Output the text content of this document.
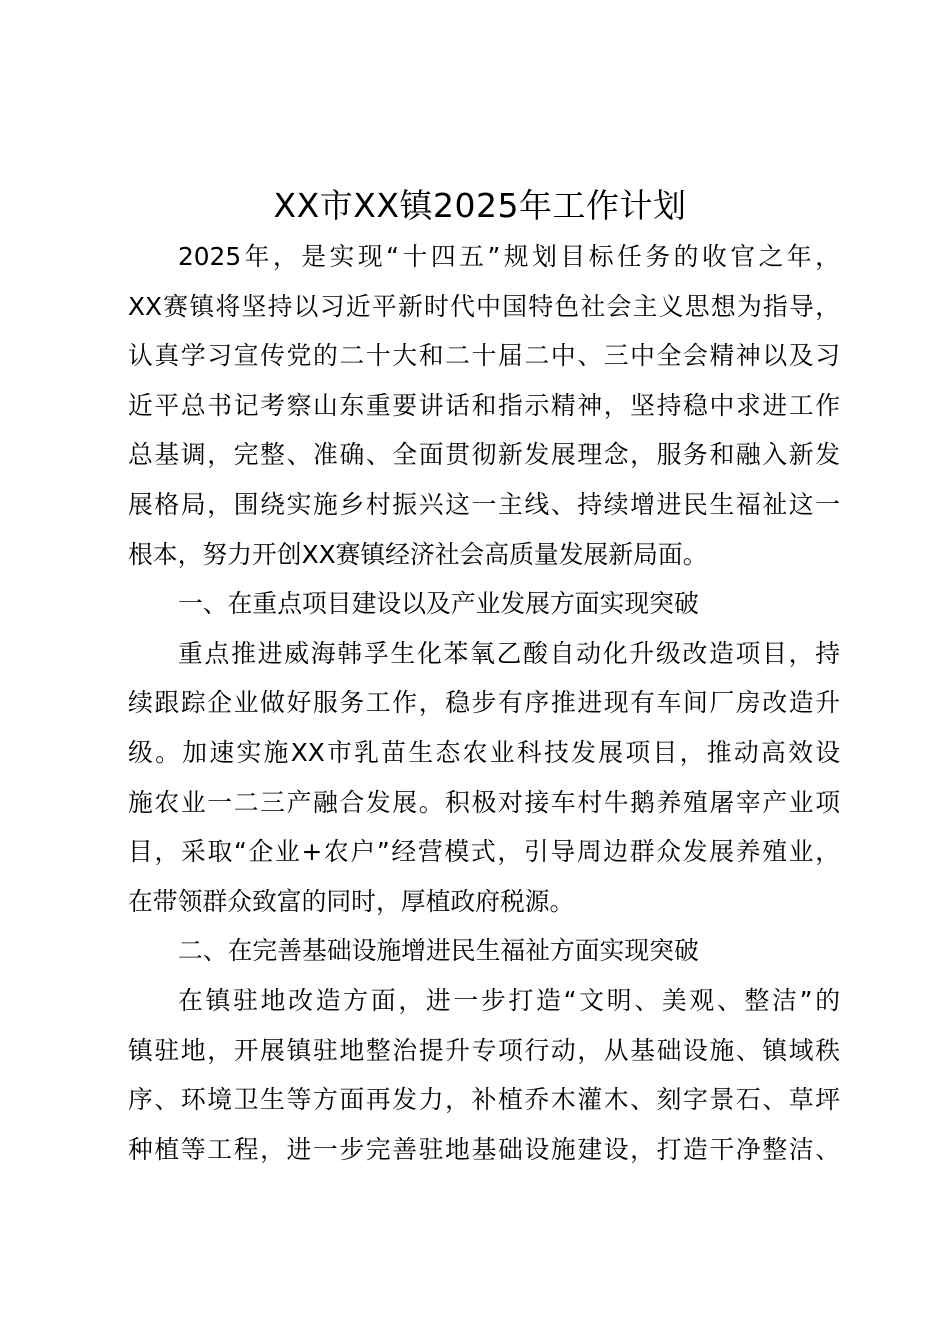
XX市XX镇2025年工作计划
2025年，是实现“十四五”规划目标任务的收官之年，
XX赛镇将坚持以习近平新时代中国特色社会主义思想为指导，
认真学习宣传党的二十大和二十届二中、三中全会精神以及习
近平总书记考察山东重要讲话和指示精神，坚持稳中求进工作
总基调，完整、准确、全面贯彻新发展理念，服务和融入新发
展格局，围绕实施乡村振兴这一主线、持续增进民生福祉这一
根本，努力开创XX赛镇经济社会高质量发展新局面。
一、在重点项目建设以及产业发展方面实现突破
重点推进威海韩孚生化苯氧乙酸自动化升级改造项目，持
续跟踪企业做好服务工作，稳步有序推进现有车间厂房改造升
级。加速实施XX市乳苗生态农业科技发展项目，推动高效设
施农业一二三产融合发展。积极对接车村牛鹅养殖屠宰产业项
目，采取“企业+农户”经营模式，引导周边群众发展养殖业，
在带领群众致富的同时，厚植政府税源。
二、在完善基础设施增进民生福祉方面实现突破
在镇驻地改造方面，进一步打造“文明、美观、整洁”的
镇驻地，开展镇驻地整治提升专项行动，从基础设施、镇域秩
序、环境卫生等方面再发力，补植乔木灌木、刻字景石、草坪
种植等工程，进一步完善驻地基础设施建设，打造干净整洁、
